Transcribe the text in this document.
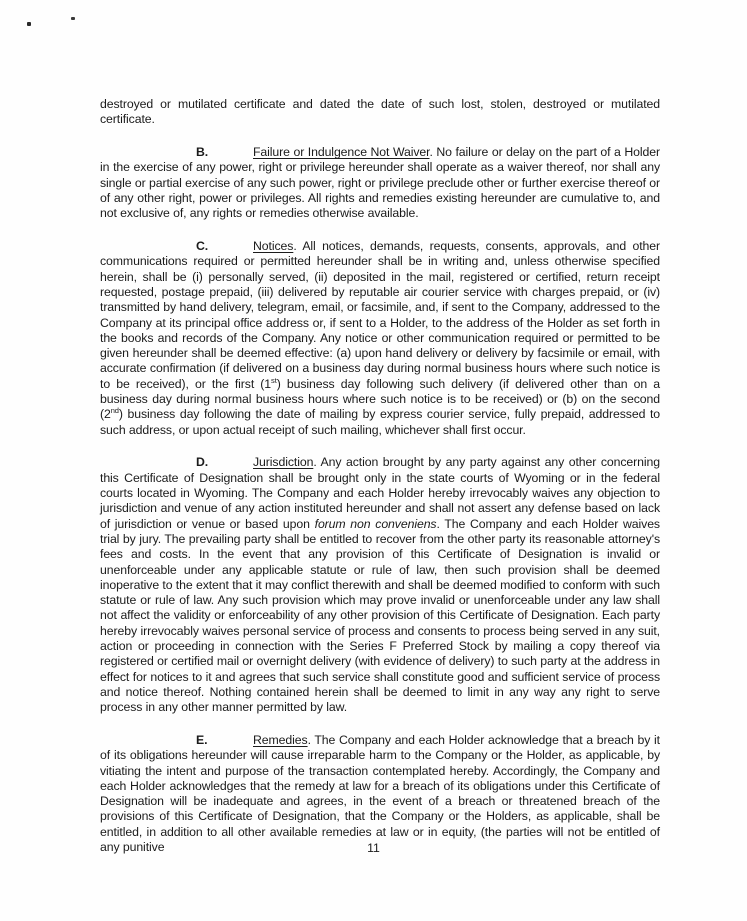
destroyed or mutilated certificate and dated the date of such lost, stolen, destroyed or mutilated certificate.

B.	Failure or Indulgence Not Waiver. No failure or delay on the part of a Holder in the exercise of any power, right or privilege hereunder shall operate as a waiver thereof, nor shall any single or partial exercise of any such power, right or privilege preclude other or further exercise thereof or of any other right, power or privileges. All rights and remedies existing hereunder are cumulative to, and not exclusive of, any rights or remedies otherwise available.

C.	Notices. All notices, demands, requests, consents, approvals, and other communications required or permitted hereunder shall be in writing and, unless otherwise specified herein, shall be (i) personally served, (ii) deposited in the mail, registered or certified, return receipt requested, postage prepaid, (iii) delivered by reputable air courier service with charges prepaid, or (iv) transmitted by hand delivery, telegram, email, or facsimile, and, if sent to the Company, addressed to the Company at its principal office address or, if sent to a Holder, to the address of the Holder as set forth in the books and records of the Company. Any notice or other communication required or permitted to be given hereunder shall be deemed effective: (a) upon hand delivery or delivery by facsimile or email, with accurate confirmation (if delivered on a business day during normal business hours where such notice is to be received), or the first (1st) business day following such delivery (if delivered other than on a business day during normal business hours where such notice is to be received) or (b) on the second (2nd) business day following the date of mailing by express courier service, fully prepaid, addressed to such address, or upon actual receipt of such mailing, whichever shall first occur.

D.	Jurisdiction. Any action brought by any party against any other concerning this Certificate of Designation shall be brought only in the state courts of Wyoming or in the federal courts located in Wyoming. The Company and each Holder hereby irrevocably waives any objection to jurisdiction and venue of any action instituted hereunder and shall not assert any defense based on lack of jurisdiction or venue or based upon forum non conveniens. The Company and each Holder waives trial by jury. The prevailing party shall be entitled to recover from the other party its reasonable attorney's fees and costs. In the event that any provision of this Certificate of Designation is invalid or unenforceable under any applicable statute or rule of law, then such provision shall be deemed inoperative to the extent that it may conflict therewith and shall be deemed modified to conform with such statute or rule of law. Any such provision which may prove invalid or unenforceable under any law shall not affect the validity or enforceability of any other provision of this Certificate of Designation. Each party hereby irrevocably waives personal service of process and consents to process being served in any suit, action or proceeding in connection with the Series F Preferred Stock by mailing a copy thereof via registered or certified mail or overnight delivery (with evidence of delivery) to such party at the address in effect for notices to it and agrees that such service shall constitute good and sufficient service of process and notice thereof. Nothing contained herein shall be deemed to limit in any way any right to serve process in any other manner permitted by law.

E.	Remedies. The Company and each Holder acknowledge that a breach by it of its obligations hereunder will cause irreparable harm to the Company or the Holder, as applicable, by vitiating the intent and purpose of the transaction contemplated hereby. Accordingly, the Company and each Holder acknowledges that the remedy at law for a breach of its obligations under this Certificate of Designation will be inadequate and agrees, in the event of a breach or threatened breach of the provisions of this Certificate of Designation, that the Company or the Holders, as applicable, shall be entitled, in addition to all other available remedies at law or in equity, (the parties will not be entitled of any punitive	11
